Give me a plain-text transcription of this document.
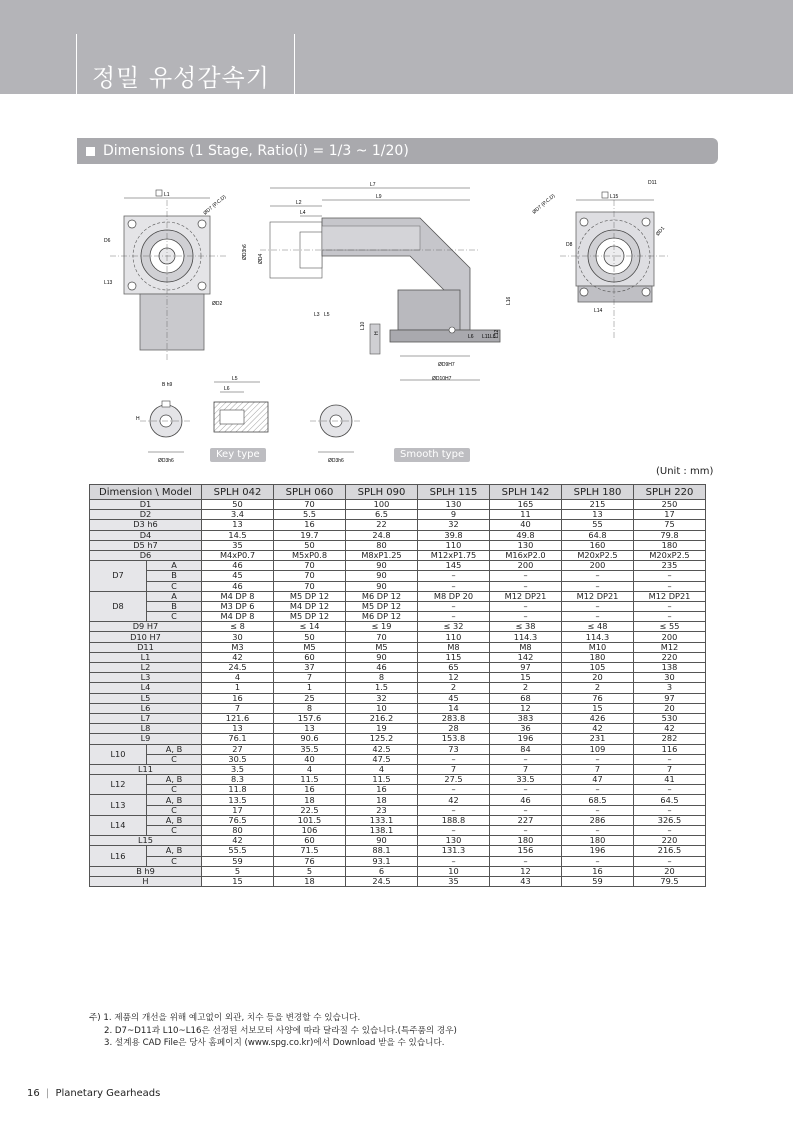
정밀 유성감속기
Dimensions (1 Stage, Ratio(i) = 1/3 ~ 1/20)
L1	ØD7 (P.C.D)
D6
L13
ØD2
L7
L9
L2
L4
ØD3h6 ØD4
L3 L5
L10
H
L16
L12
L11 L8
ØD9H7
ØD10H7
L6
L15
D11
ØD7 (P.C.D)
ØD1
D8
L14
B h9
H
ØD3h6
L5
L6
ØD3h6
Key type	Smooth type
(Unit : mm)
Dimension \ Model		SPLH 042	SPLH 060	SPLH 090	SPLH 115	SPLH 142	SPLH 180	SPLH 220
D1		50	70	100	130	165	215	250
D2		3.4	5.5	6.5	9	11	13	17
D3 h6		13	16	22	32	40	55	75
D4		14.5	19.7	24.8	39.8	49.8	64.8	79.8
D5 h7		35	50	80	110	130	160	180
D6		M4xP0.7	M5xP0.8	M8xP1.25	M12xP1.75	M16xP2.0	M20xP2.5	M20xP2.5
D7	A	46	70	90	145	200	200	235
	B	45	70	90	–	–	–	–
	C	46	70	90	–	–	–	–
D8	A	M4 DP 8	M5 DP 12	M6 DP 12	M8 DP 20	M12 DP21	M12 DP21	M12 DP21
	B	M3 DP 6	M4 DP 12	M5 DP 12	–	–	–	–
	C	M4 DP 8	M5 DP 12	M6 DP 12	–	–	–	–
D9 H7		≤ 8	≤ 14	≤ 19	≤ 32	≤ 38	≤ 48	≤ 55
D10 H7		30	50	70	110	114.3	114.3	200
D11		M3	M5	M5	M8	M8	M10	M12
L1		42	60	90	115	142	180	220
L2		24.5	37	46	65	97	105	138
L3		4	7	8	12	15	20	30
L4		1	1	1.5	2	2	2	3
L5		16	25	32	45	68	76	97
L6		7	8	10	14	12	15	20
L7		121.6	157.6	216.2	283.8	383	426	530
L8		13	13	19	28	36	42	42
L9		76.1	90.6	125.2	153.8	196	231	282
L10	A, B	27	35.5	42.5	73	84	109	116
	C	30.5	40	47.5	–	–	–	–
L11		3.5	4	4	7	7	7	7
L12	A, B	8.3	11.5	11.5	27.5	33.5	47	41
	C	11.8	16	16	–	–	–	–
L13	A, B	13.5	18	18	42	46	68.5	64.5
	C	17	22.5	23	–	–	–	–
L14	A, B	76.5	101.5	133.1	188.8	227	286	326.5
	C	80	106	138.1	–	–	–	–
L15		42	60	90	130	180	180	220
L16	A, B	55.5	71.5	88.1	131.3	156	196	216.5
	C	59	76	93.1	–	–	–	–
B h9		5	5	6	10	12	16	20
H		15	18	24.5	35	43	59	79.5
주) 1. 제품의 개선을 위해 예고없이 외관, 치수 등을 변경할 수 있습니다.
2. D7~D11과 L10~L16은 선정된 서보모터 사양에 따라 달라질 수 있습니다.(특주품의 경우)
3. 설계용 CAD File은 당사 홈페이지 (www.spg.co.kr)에서 Download 받을 수 있습니다.
16 | Planetary Gearheads
